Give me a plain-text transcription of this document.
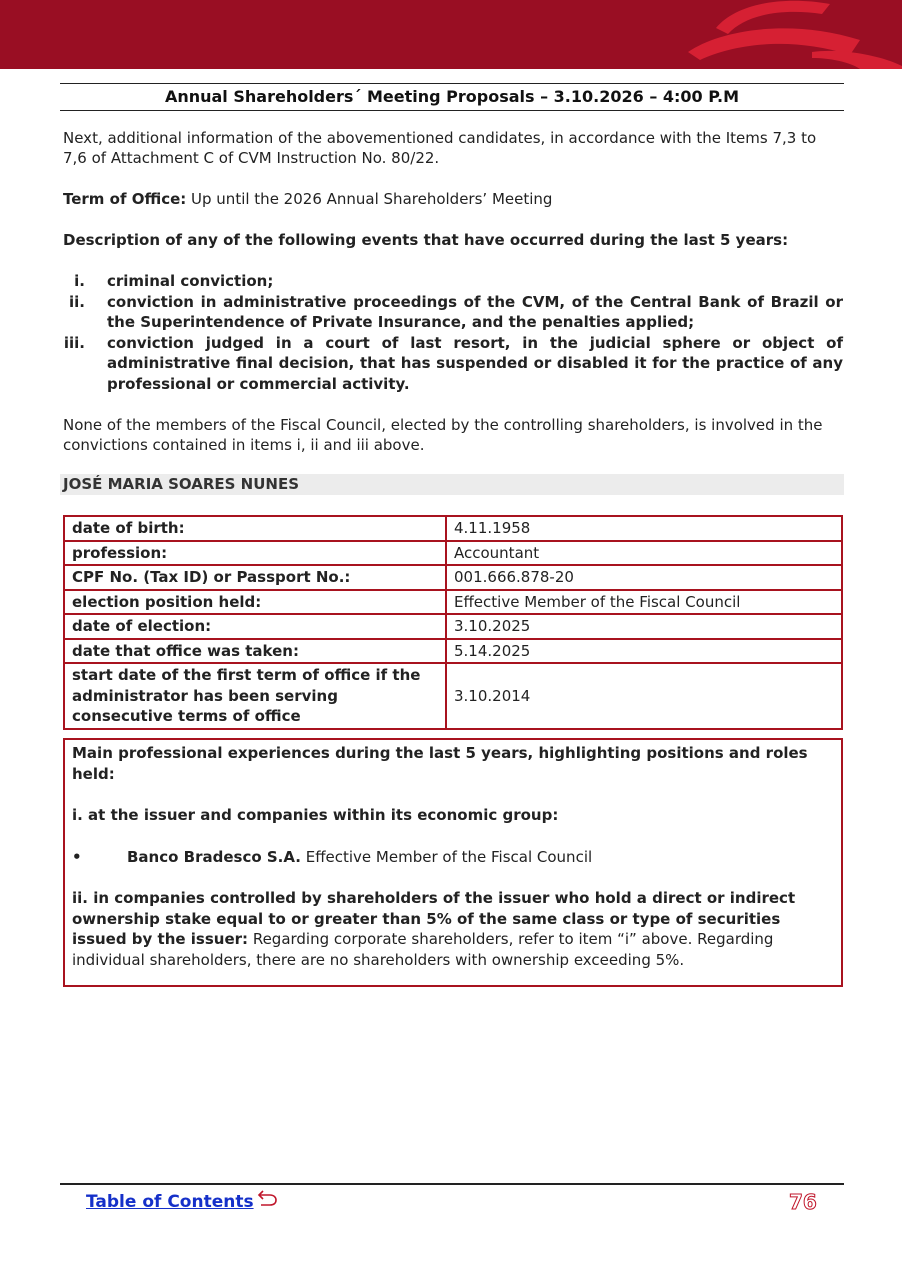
Annual Shareholders´ Meeting Proposals – 3.10.2026 – 4:00 P.M

Next, additional information of the abovementioned candidates, in accordance with the Items 7,3 to 7,6 of Attachment C of CVM Instruction No. 80/22.

Term of Office: Up until the 2026 Annual Shareholders’ Meeting

Description of any of the following events that have occurred during the last 5 years:

i. criminal conviction;
ii. conviction in administrative proceedings of the CVM, of the Central Bank of Brazil or the Superintendence of Private Insurance, and the penalties applied;
iii. conviction judged in a court of last resort, in the judicial sphere or object of administrative final decision, that has suspended or disabled it for the practice of any professional or commercial activity.

None of the members of the Fiscal Council, elected by the controlling shareholders, is involved in the convictions contained in items i, ii and iii above.

JOSÉ MARIA SOARES NUNES
date of birth:	4.11.1958
profession:	Accountant
CPF No. (Tax ID) or Passport No.:	001.666.878-20
election position held:	Effective Member of the Fiscal Council
date of election:	3.10.2025
date that office was taken:	5.14.2025
start date of the first term of office if the administrator has been serving consecutive terms of office	3.10.2014

Main professional experiences during the last 5 years, highlighting positions and roles held:

i. at the issuer and companies within its economic group:

•	Banco Bradesco S.A. Effective Member of the Fiscal Council

ii. in companies controlled by shareholders of the issuer who hold a direct or indirect ownership stake equal to or greater than 5% of the same class or type of securities issued by the issuer: Regarding corporate shareholders, refer to item “i” above. Regarding individual shareholders, there are no shareholders with ownership exceeding 5%.

Table of Contents	76
